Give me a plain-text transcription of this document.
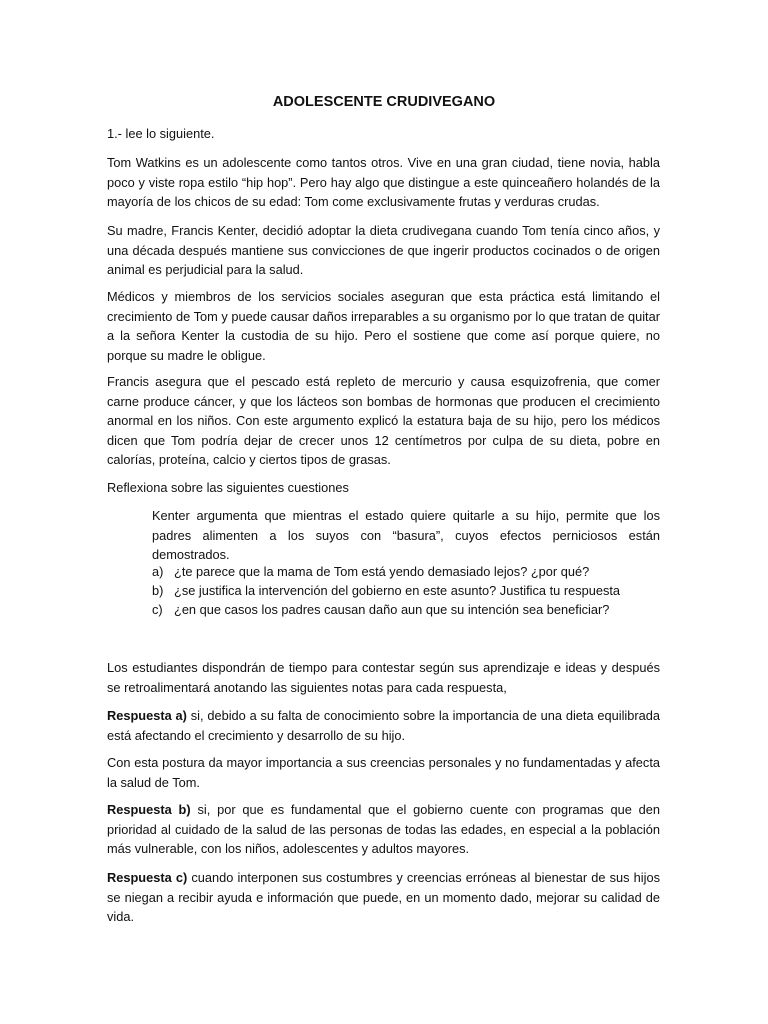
ADOLESCENTE CRUDIVEGANO

1.- lee lo siguiente.

Tom Watkins es un adolescente como tantos otros. Vive en una gran ciudad, tiene novia, habla poco y viste ropa estilo “hip hop”. Pero hay algo que distingue a este quinceañero holandés de la mayoría de los chicos de su edad: Tom come exclusivamente frutas y verduras crudas.

Su madre, Francis Kenter, decidió adoptar la dieta crudivegana cuando Tom tenía cinco años, y una década después mantiene sus convicciones de que ingerir productos cocinados o de origen animal es perjudicial para la salud.

Médicos y miembros de los servicios sociales aseguran que esta práctica está limitando el crecimiento de Tom y puede causar daños irreparables a su organismo por lo que tratan de quitar a la señora Kenter la custodia de su hijo. Pero el sostiene que come así porque quiere, no porque su madre le obligue.

Francis asegura que el pescado está repleto de mercurio y causa esquizofrenia, que comer carne produce cáncer, y que los lácteos son bombas de hormonas que producen el crecimiento anormal en los niños. Con este argumento explicó la estatura baja de su hijo, pero los médicos dicen que Tom podría dejar de crecer unos 12 centímetros por culpa de su dieta, pobre en calorías, proteína, calcio y ciertos tipos de grasas.

Reflexiona sobre las siguientes cuestiones

Kenter argumenta que mientras el estado quiere quitarle a su hijo, permite que los padres alimenten a los suyos con “basura”, cuyos efectos perniciosos están demostrados.

a) ¿te parece que la mama de Tom está yendo demasiado lejos? ¿por qué?
b) ¿se justifica la intervención del gobierno en este asunto? Justifica tu respuesta
c) ¿en que casos los padres causan daño aun que su intención sea beneficiar?

Los estudiantes dispondrán de tiempo para contestar según sus aprendizaje e ideas y después se retroalimentará anotando las siguientes notas para cada respuesta,

Respuesta a) si, debido a su falta de conocimiento sobre la importancia de una dieta equilibrada está afectando el crecimiento y desarrollo de su hijo.

Con esta postura da mayor importancia a sus creencias personales y no fundamentadas y afecta la salud de Tom.

Respuesta b) si, por que es fundamental que el gobierno cuente con programas que den prioridad al cuidado de la salud de las personas de todas las edades, en especial a la población más vulnerable, con los niños, adolescentes y adultos mayores.

Respuesta c) cuando interponen sus costumbres y creencias erróneas al bienestar de sus hijos se niegan a recibir ayuda e información que puede, en un momento dado, mejorar su calidad de vida.
